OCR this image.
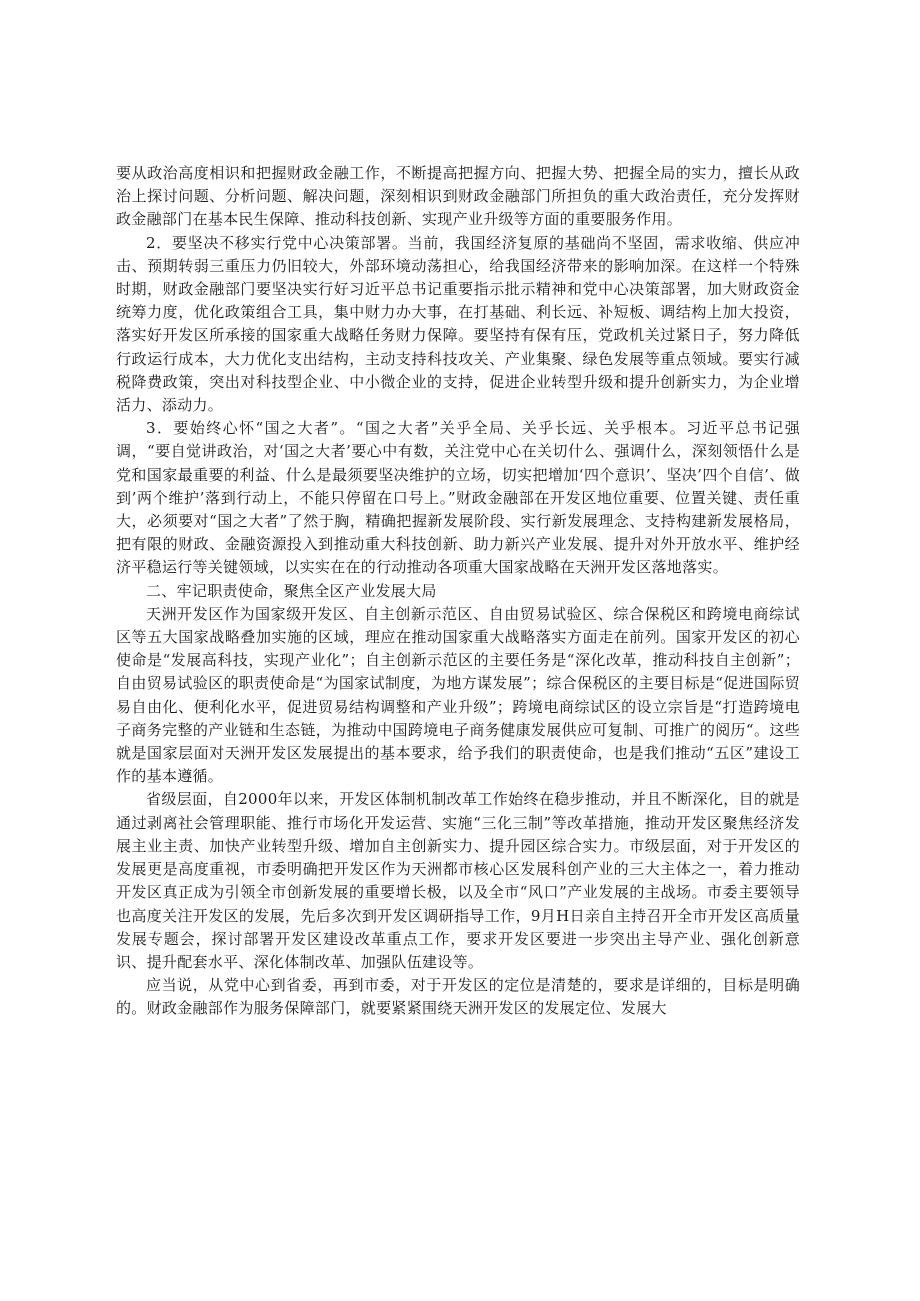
要从政治高度相识和把握财政金融工作，不断提高把握方向、把握大势、把握全局的实力，擅长从政治上探讨问题、分析问题、解决问题，深刻相识到财政金融部门所担负的重大政治责任，充分发挥财政金融部门在基本民生保障、推动科技创新、实现产业升级等方面的重要服务作用。

2．要坚决不移实行党中心决策部署。当前，我国经济复原的基础尚不坚固，需求收缩、供应冲击、预期转弱三重压力仍旧较大，外部环境动荡担心，给我国经济带来的影响加深。在这样一个特殊时期，财政金融部门要坚决实行好习近平总书记重要指示批示精神和党中心决策部署，加大财政资金统筹力度，优化政策组合工具，集中财力办大事，在打基础、利长远、补短板、调结构上加大投资，落实好开发区所承接的国家重大战略任务财力保障。要坚持有保有压，党政机关过紧日子，努力降低行政运行成本，大力优化支出结构，主动支持科技攻关、产业集聚、绿色发展等重点领域。要实行减税降费政策，突出对科技型企业、中小微企业的支持，促进企业转型升级和提升创新实力，为企业增活力、添动力。

3．要始终心怀“国之大者”。“国之大者”关乎全局、关乎长远、关乎根本。习近平总书记强调，“要自觉讲政治，对‘国之大者’要心中有数，关注党中心在关切什么、强调什么，深刻领悟什么是党和国家最重要的利益、什么是最须要坚决维护的立场，切实把增加‘四个意识’、坚决’四个自信’、做到’两个维护’落到行动上，不能只停留在口号上。”财政金融部在开发区地位重要、位置关键、责任重大，必须要对“国之大者”了然于胸，精确把握新发展阶段、实行新发展理念、支持构建新发展格局，把有限的财政、金融资源投入到推动重大科技创新、助力新兴产业发展、提升对外开放水平、维护经济平稳运行等关键领域，以实实在在的行动推动各项重大国家战略在天洲开发区落地落实。

二、牢记职责使命，聚焦全区产业发展大局

天洲开发区作为国家级开发区、自主创新示范区、自由贸易试验区、综合保税区和跨境电商综试区等五大国家战略叠加实施的区域，理应在推动国家重大战略落实方面走在前列。国家开发区的初心使命是“发展高科技，实现产业化”；自主创新示范区的主要任务是“深化改革，推动科技自主创新”；自由贸易试验区的职责使命是“为国家试制度，为地方谋发展”；综合保税区的主要目标是“促进国际贸易自由化、便利化水平，促进贸易结构调整和产业升级”；跨境电商综试区的设立宗旨是“打造跨境电子商务完整的产业链和生态链，为推动中国跨境电子商务健康发展供应可复制、可推广的阅历“。这些就是国家层面对天洲开发区发展提出的基本要求，给予我们的职责使命，也是我们推动“五区”建设工作的基本遵循。

省级层面，自2000年以来，开发区体制机制改革工作始终在稳步推动，并且不断深化，目的就是通过剥离社会管理职能、推行市场化开发运营、实施“三化三制”等改革措施，推动开发区聚焦经济发展主业主责、加快产业转型升级、增加自主创新实力、提升园区综合实力。市级层面，对于开发区的发展更是高度重视，市委明确把开发区作为天洲都市核心区发展科创产业的三大主体之一，着力推动开发区真正成为引领全市创新发展的重要增长极，以及全市“风口”产业发展的主战场。市委主要领导也高度关注开发区的发展，先后多次到开发区调研指导工作，9月H日亲自主持召开全市开发区高质量发展专题会，探讨部署开发区建设改革重点工作，要求开发区要进一步突出主导产业、强化创新意识、提升配套水平、深化体制改革、加强队伍建设等。

应当说，从党中心到省委，再到市委，对于开发区的定位是清楚的，要求是详细的，目标是明确的。财政金融部作为服务保障部门，就要紧紧围绕天洲开发区的发展定位、发展大
